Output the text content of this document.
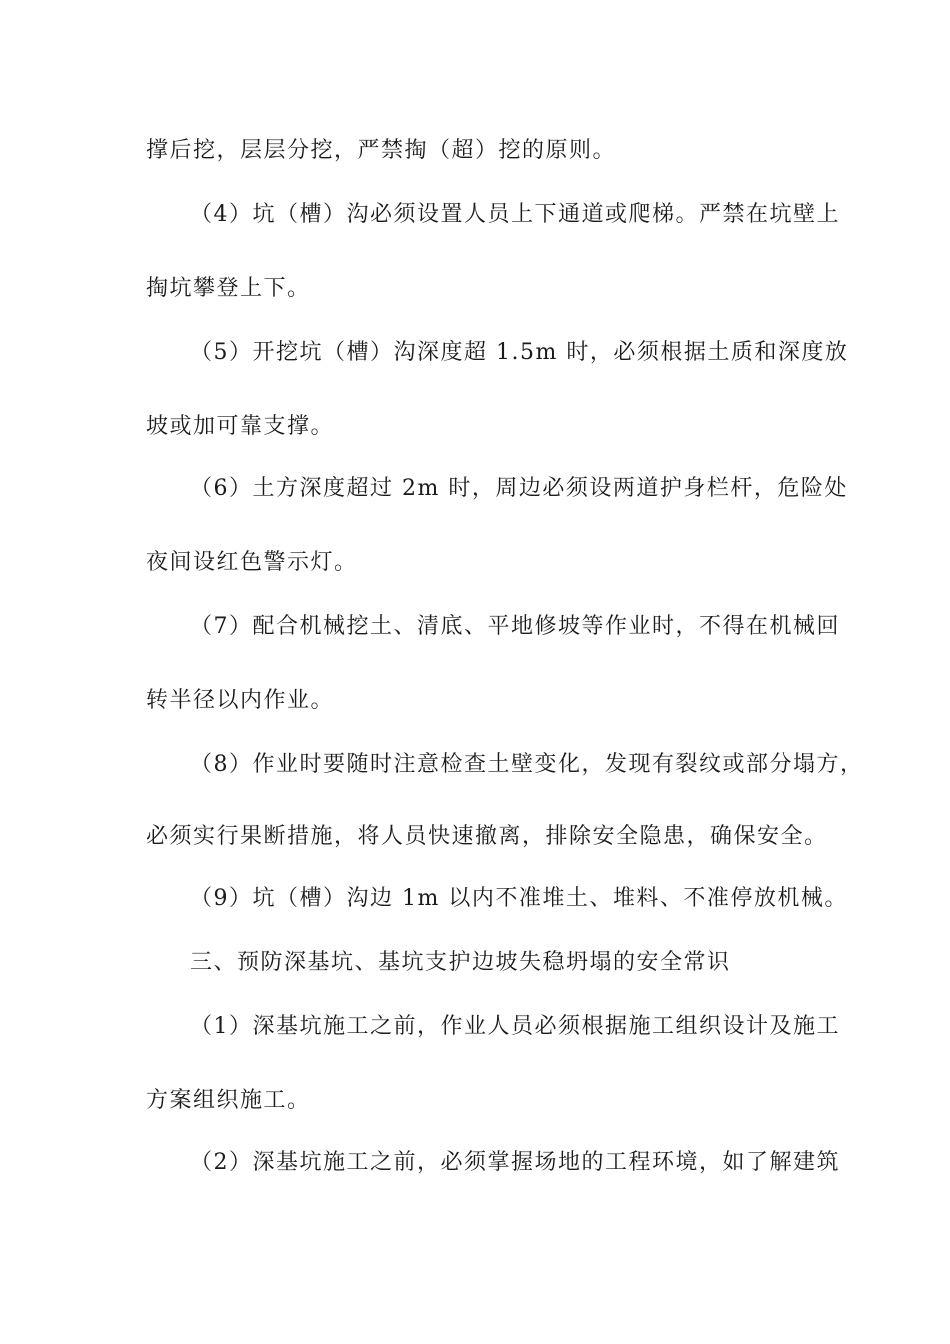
撑后挖，层层分挖，严禁掏（超）挖的原则。
（4）坑（槽）沟必须设置人员上下通道或爬梯。严禁在坑壁上
掏坑攀登上下。
（5）开挖坑（槽）沟深度超 1.5m 时，必须根据土质和深度放
坡或加可靠支撑。
（6）土方深度超过 2m 时，周边必须设两道护身栏杆，危险处
夜间设红色警示灯。
（7）配合机械挖土、清底、平地修坡等作业时，不得在机械回
转半径以内作业。
（8）作业时要随时注意检查土壁变化，发现有裂纹或部分塌方，
必须实行果断措施，将人员快速撤离，排除安全隐患，确保安全。
（9）坑（槽）沟边 1m 以内不准堆土、堆料、不准停放机械。
三、预防深基坑、基坑支护边坡失稳坍塌的安全常识
（1）深基坑施工之前，作业人员必须根据施工组织设计及施工
方案组织施工。
（2）深基坑施工之前，必须掌握场地的工程环境，如了解建筑
